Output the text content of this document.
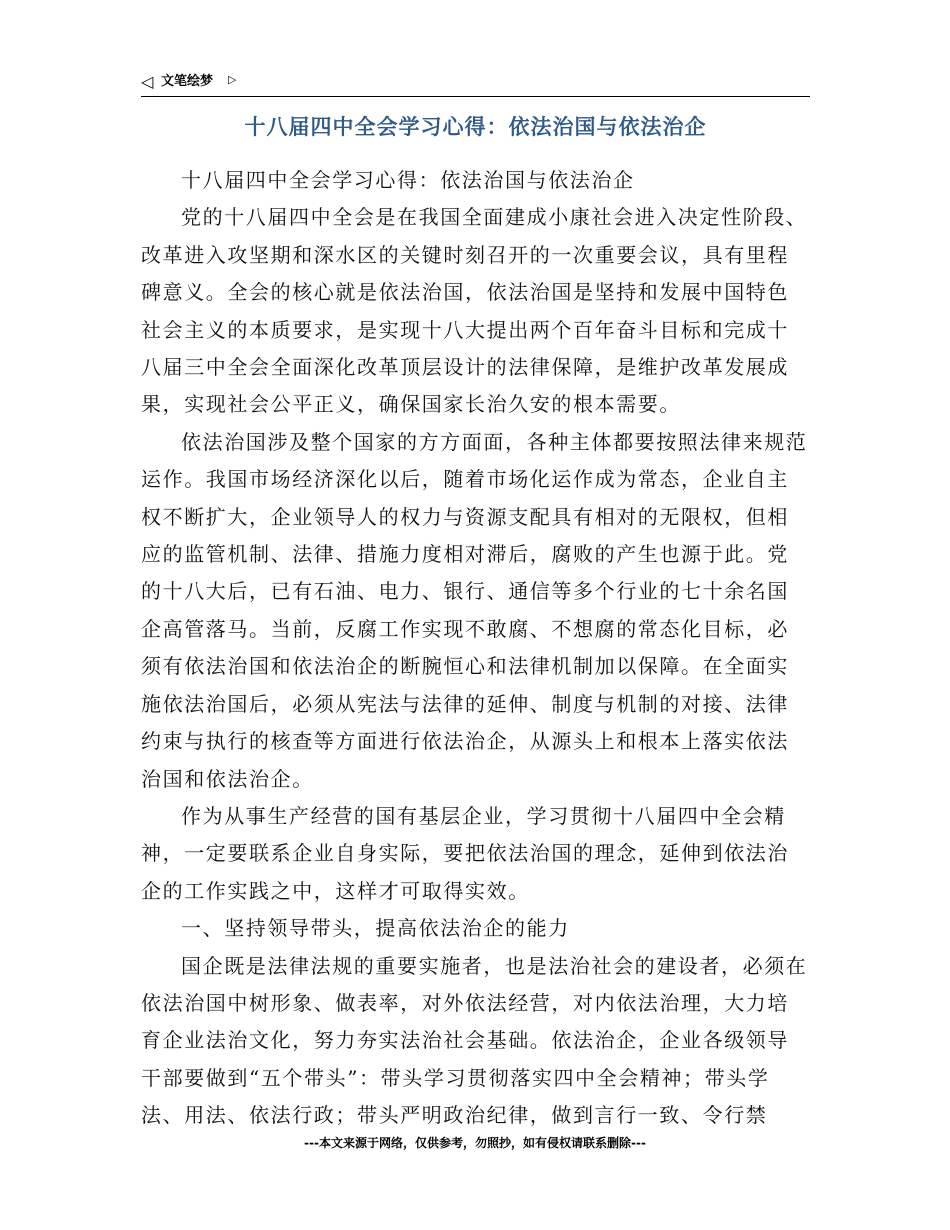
◁ 文笔绘梦 ▷
十八届四中全会学习心得：依法治国与依法治企

十八届四中全会学习心得：依法治国与依法治企

党的十八届四中全会是在我国全面建成小康社会进入决定性阶段、改革进入攻坚期和深水区的关键时刻召开的一次重要会议，具有里程碑意义。全会的核心就是依法治国，依法治国是坚持和发展中国特色社会主义的本质要求，是实现十八大提出两个百年奋斗目标和完成十八届三中全会全面深化改革顶层设计的法律保障，是维护改革发展成果，实现社会公平正义，确保国家长治久安的根本需要。

依法治国涉及整个国家的方方面面，各种主体都要按照法律来规范运作。我国市场经济深化以后，随着市场化运作成为常态，企业自主权不断扩大，企业领导人的权力与资源支配具有相对的无限权，但相应的监管机制、法律、措施力度相对滞后，腐败的产生也源于此。党的十八大后，已有石油、电力、银行、通信等多个行业的七十余名国企高管落马。当前，反腐工作实现不敢腐、不想腐的常态化目标，必须有依法治国和依法治企的断腕恒心和法律机制加以保障。在全面实施依法治国后，必须从宪法与法律的延伸、制度与机制的对接、法律约束与执行的核查等方面进行依法治企，从源头上和根本上落实依法治国和依法治企。

作为从事生产经营的国有基层企业，学习贯彻十八届四中全会精神，一定要联系企业自身实际，要把依法治国的理念，延伸到依法治企的工作实践之中，这样才可取得实效。

一、坚持领导带头，提高依法治企的能力

国企既是法律法规的重要实施者，也是法治社会的建设者，必须在依法治国中树形象、做表率，对外依法经营，对内依法治理，大力培育企业法治文化，努力夯实法治社会基础。依法治企，企业各级领导干部要做到“五个带头”：带头学习贯彻落实四中全会精神；带头学法、用法、依法行政；带头严明政治纪律，做到言行一致、令行禁

---本文来源于网络，仅供参考，勿照抄，如有侵权请联系删除---
